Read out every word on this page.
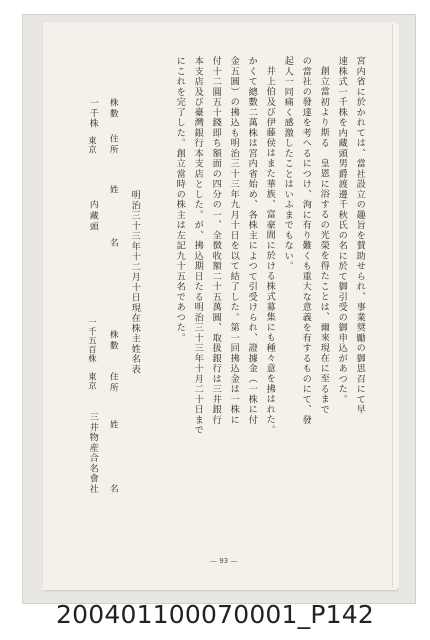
宮内省に於かれては、當社設立の趣旨を賛助せられ、事業奨勵の御思召にて早
速株式一千株を内藏頭男爵渡邊千秋氏の名に於て御引受の御申込があつた。
創立當初より斯る　皇恩に浴するの光榮を得たことは、爾來現在に至るまで
の當社の發達を考へるにつけ、洵に有り難くも重大な意義を有するものにて、發
起人一同痛く感激したことはいふまでもない。
井上伯及び伊藤侯はまた華族、富豪間に於ける株式募集にも種々意を拂はれた。
かくて總數二萬株は宮内省始め、各株主によつて引受けられ、證據金（一株に付
金五圓）の拂込も明治三十三年九月十日を以て結了した。第一回拂込金は一株に
付十二圓五十錢即ち額面の四分の一、全徴收額二十五萬圓、取扱銀行は三井銀行
本支店及び臺灣銀行本支店とした。が、拂込期日たる明治三十三年十月二十日まで
にこれを完了した。創立當時の株主は左記九十五名であつた。
明治三十三年十二月十日現在株主姓名表
株數
住所
姓
名
一千株
東京
内藏頭
株數
住所
姓
名
一千五百株
東京
三井物産合名會社
— 93 —
200401100070001_P142
